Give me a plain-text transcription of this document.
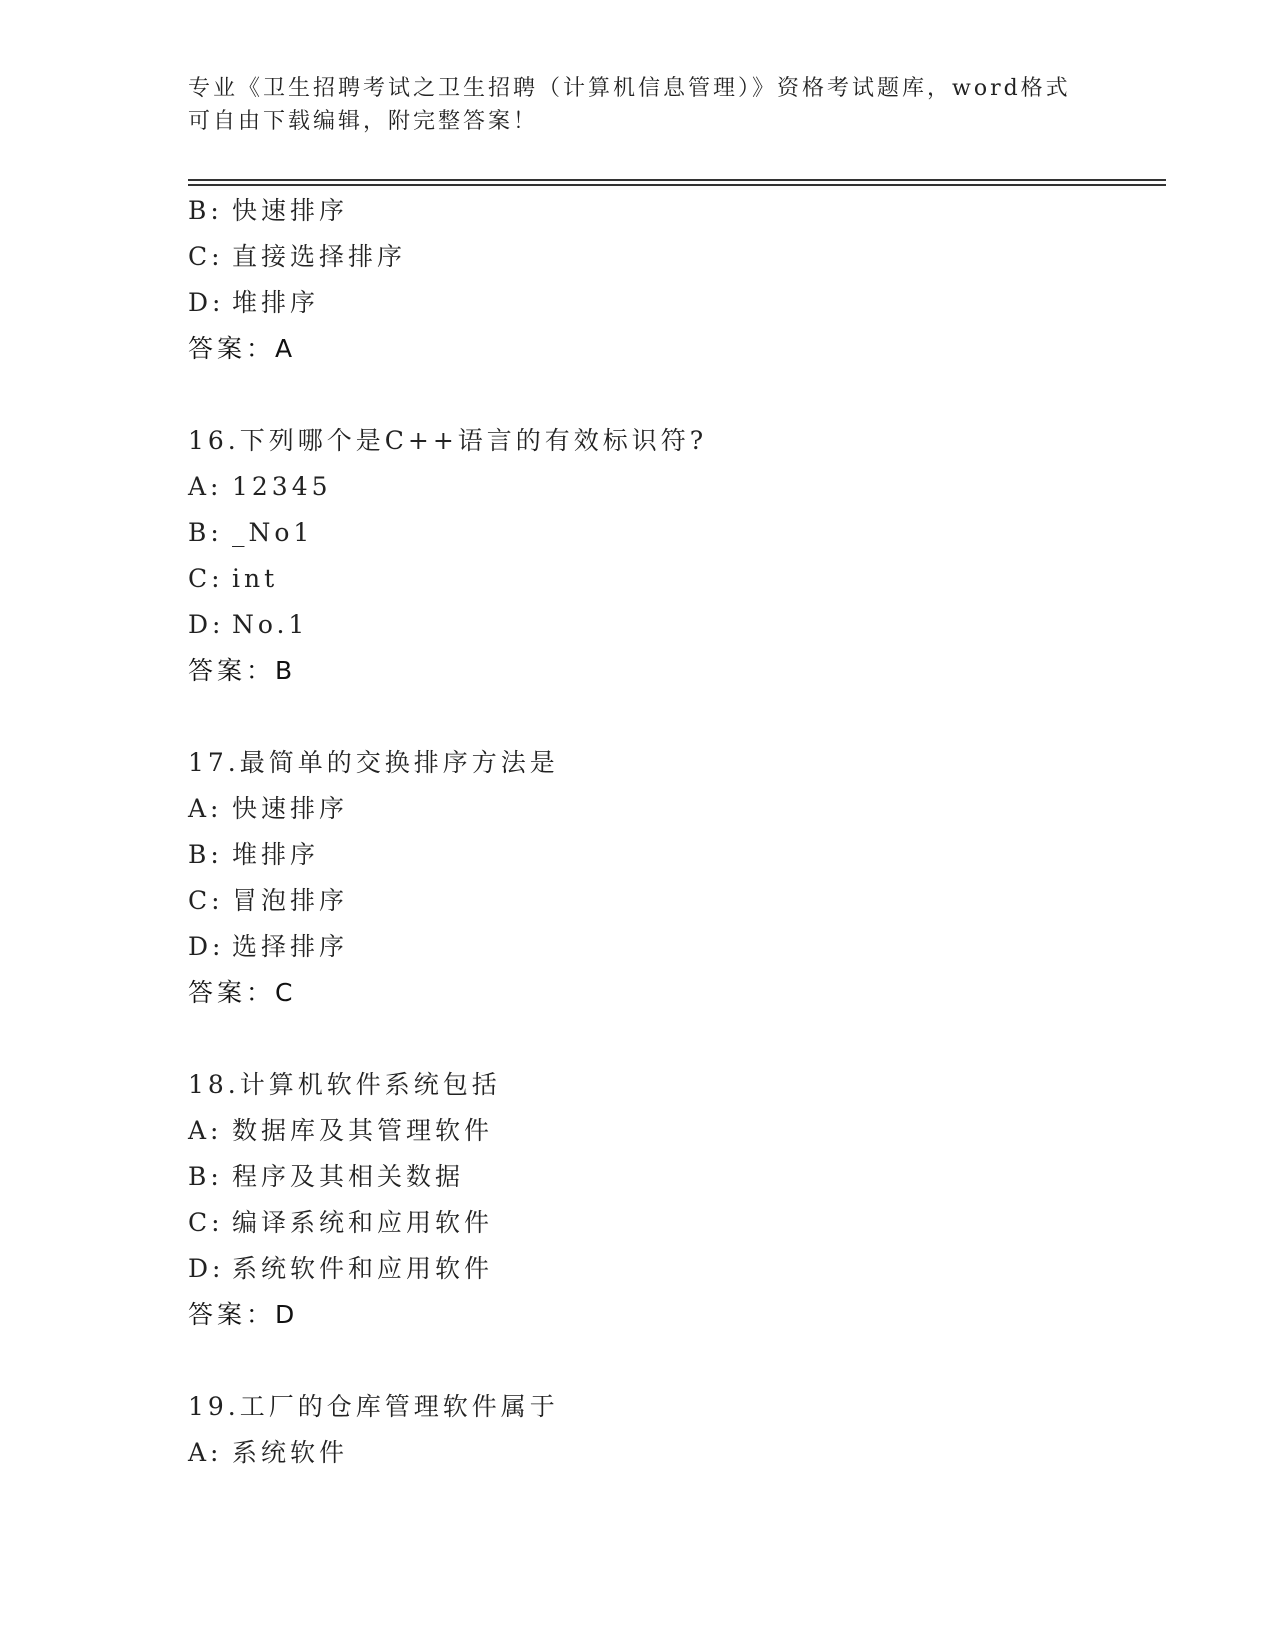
专业《卫生招聘考试之卫生招聘（计算机信息管理）》资格考试题库，word格式
可自由下载编辑，附完整答案！
B: 快速排序
C: 直接选择排序
D: 堆排序
答案：A
16.下列哪个是C++语言的有效标识符?
A: 12345
B: _No1
C: int
D: No.1
答案：B
17.最简单的交换排序方法是
A: 快速排序
B: 堆排序
C: 冒泡排序
D: 选择排序
答案：C
18.计算机软件系统包括
A: 数据库及其管理软件
B: 程序及其相关数据
C: 编译系统和应用软件
D: 系统软件和应用软件
答案：D
19.工厂的仓库管理软件属于
A: 系统软件
